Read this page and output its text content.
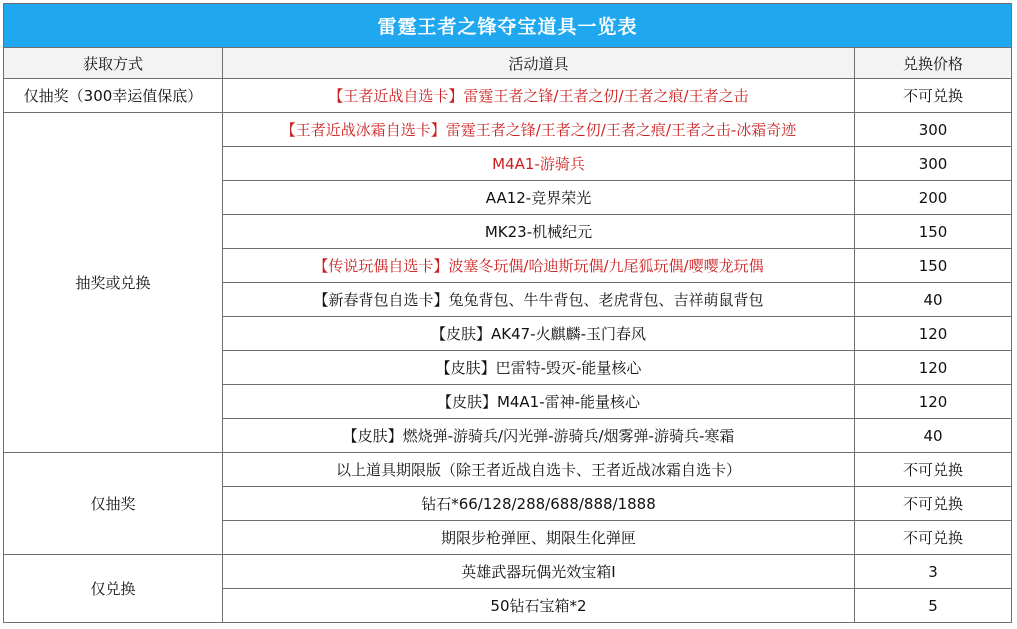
雷霆王者之锋夺宝道具一览表		
获取方式	活动道具	兑换价格
仅抽奖（300幸运值保底）	【王者近战自选卡】雷霆王者之锋/王者之仞/王者之痕/王者之击	不可兑换
抽奖或兑换	【王者近战冰霜自选卡】雷霆王者之锋/王者之仞/王者之痕/王者之击-冰霜奇迹	300
	M4A1-游骑兵	300
	AA12-竞界荣光	200
	MK23-机械纪元	150
	【传说玩偶自选卡】波塞冬玩偶/哈迪斯玩偶/九尾狐玩偶/嘤嘤龙玩偶	150
	【新春背包自选卡】兔兔背包、牛牛背包、老虎背包、吉祥萌鼠背包	40
	【皮肤】AK47-火麒麟-玉门春风	120
	【皮肤】巴雷特-毁灭-能量核心	120
	【皮肤】M4A1-雷神-能量核心	120
	【皮肤】燃烧弹-游骑兵/闪光弹-游骑兵/烟雾弹-游骑兵-寒霜	40
仅抽奖	以上道具期限版（除王者近战自选卡、王者近战冰霜自选卡）	不可兑换
	钻石*66/128/288/688/888/1888	不可兑换
	期限步枪弹匣、期限生化弹匣	不可兑换
仅兑换	英雄武器玩偶光效宝箱Ⅰ	3
	50钻石宝箱*2	5
